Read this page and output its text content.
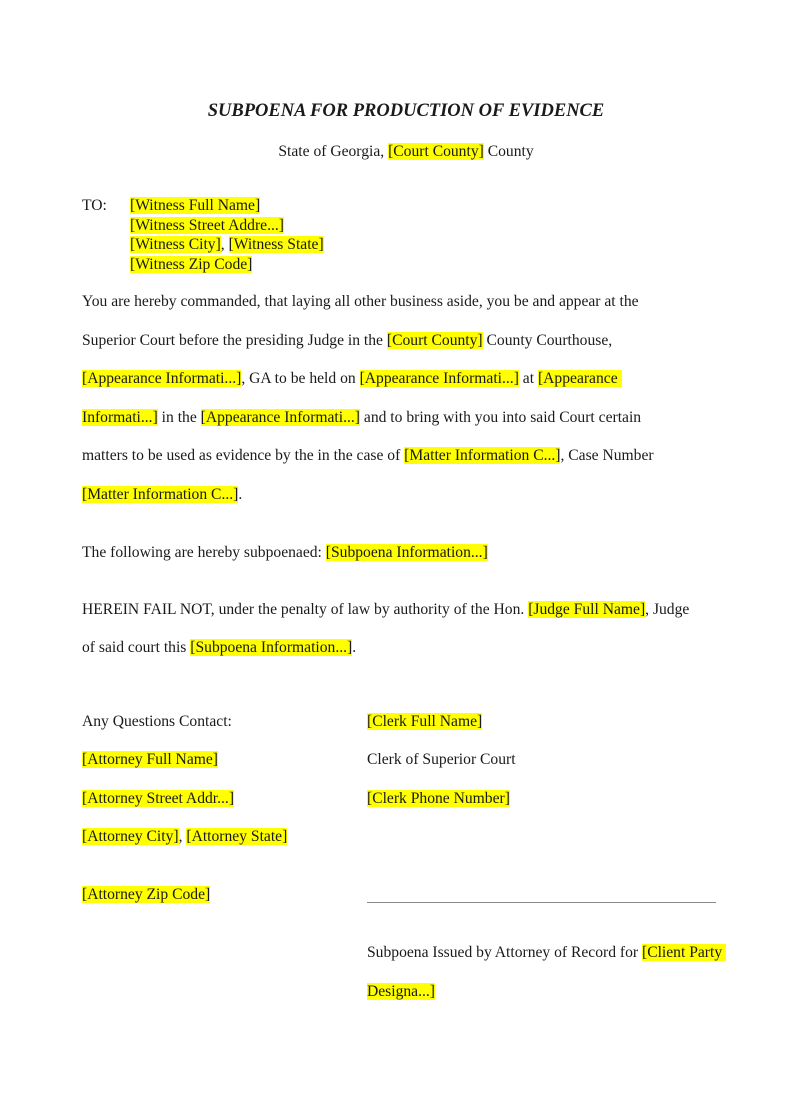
SUBPOENA FOR PRODUCTION OF EVIDENCE
State of Georgia, [Court County] County
TO: [Witness Full Name]
[Witness Street Addre...]
[Witness City], [Witness State]
[Witness Zip Code]
You are hereby commanded, that laying all other business aside, you be and appear at the
Superior Court before the presiding Judge in the [Court County] County Courthouse,
[Appearance Informati...], GA to be held on [Appearance Informati...] at [Appearance
Informati...] in the [Appearance Informati...] and to bring with you into said Court certain
matters to be used as evidence by the in the case of [Matter Information C...], Case Number
[Matter Information C...].
The following are hereby subpoenaed: [Subpoena Information...]
HEREIN FAIL NOT, under the penalty of law by authority of the Hon. [Judge Full Name], Judge
of said court this [Subpoena Information...].
Any Questions Contact:
[Attorney Full Name]
[Attorney Street Addr...]
[Attorney City], [Attorney State]
[Attorney Zip Code]
[Clerk Full Name]
Clerk of Superior Court
[Clerk Phone Number]
Subpoena Issued by Attorney of Record for [Client Party
Designa...]
